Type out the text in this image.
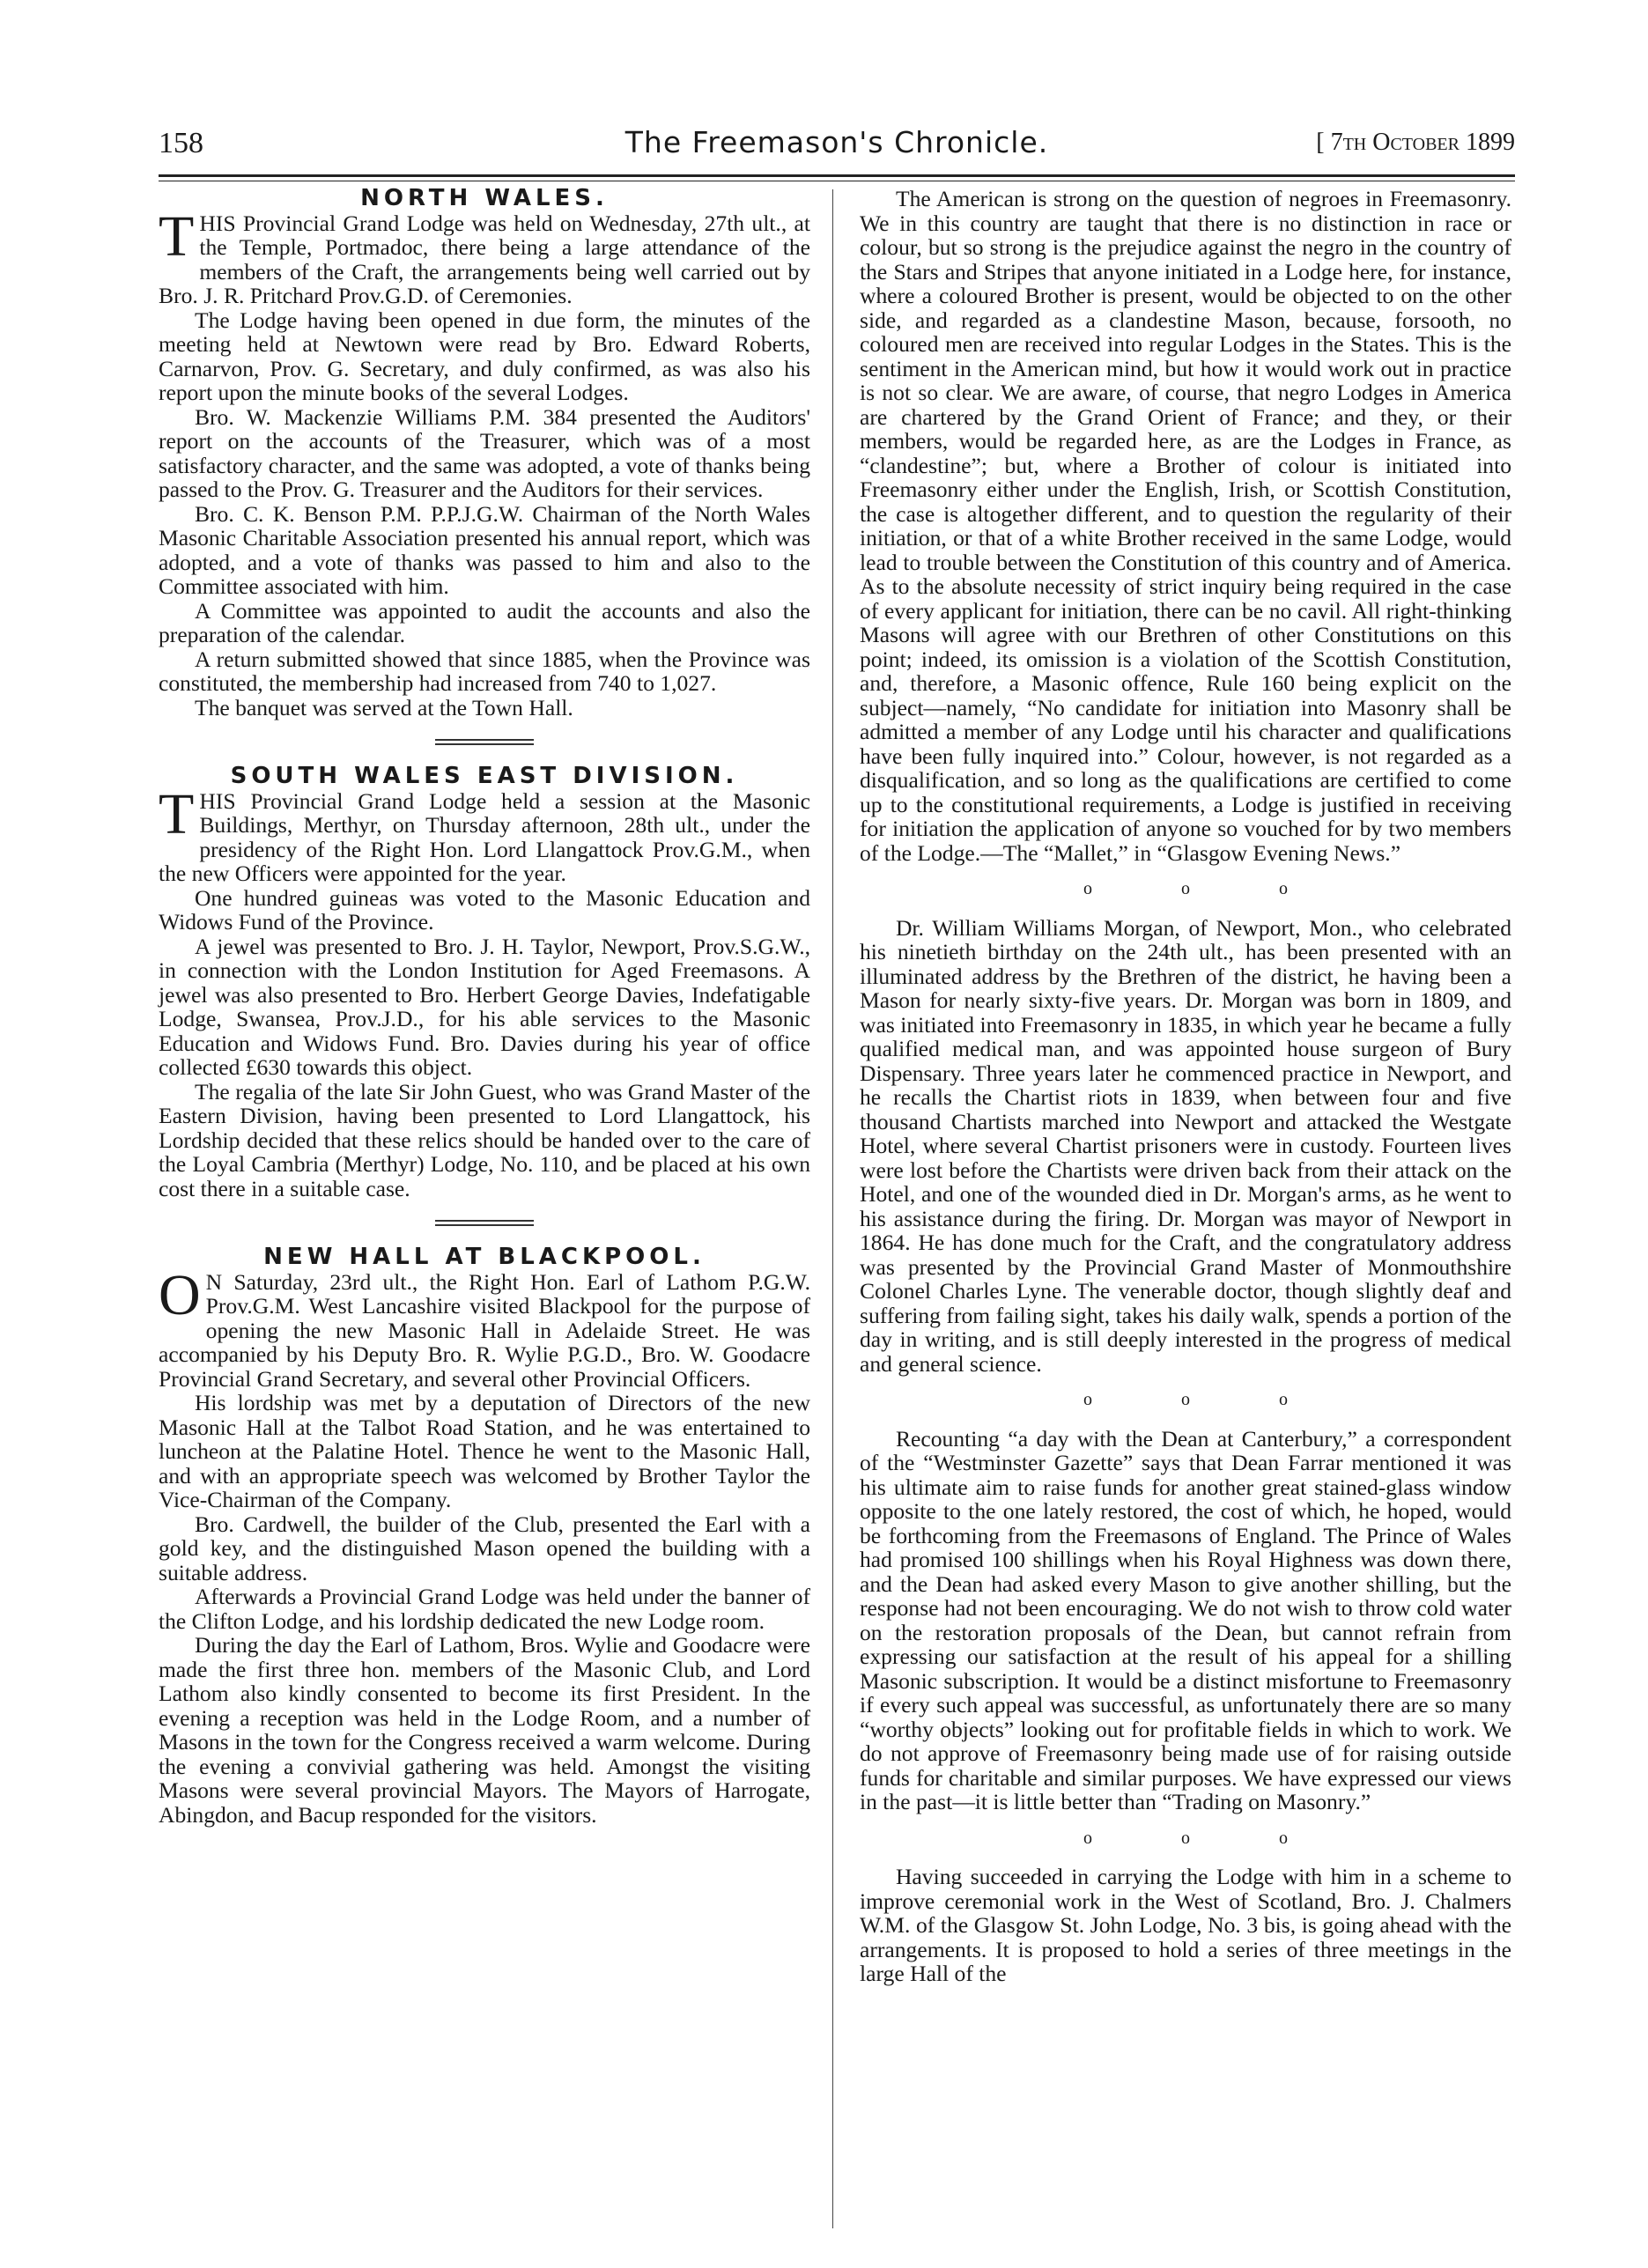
158	The Freemason's Chronicle.	[ 7th October 1899
NORTH WALES.

THIS Provincial Grand Lodge was held on Wednesday, 27th ult., at the Temple, Portmadoc, there being a large attendance of the members of the Craft, the arrangements being well carried out by Bro. J. R. Pritchard Prov.G.D. of Ceremonies.

The Lodge having been opened in due form, the minutes of the meeting held at Newtown were read by Bro. Edward Roberts, Carnarvon, Prov. G. Secretary, and duly confirmed, as was also his report upon the minute books of the several Lodges.

Bro. W. Mackenzie Williams P.M. 384 presented the Auditors' report on the accounts of the Treasurer, which was of a most satisfactory character, and the same was adopted, a vote of thanks being passed to the Prov. G. Treasurer and the Auditors for their services.

Bro. C. K. Benson P.M. P.P.J.G.W. Chairman of the North Wales Masonic Charitable Association presented his annual report, which was adopted, and a vote of thanks was passed to him and also to the Committee associated with him.

A Committee was appointed to audit the accounts and also the preparation of the calendar.

A return submitted showed that since 1885, when the Province was constituted, the membership had increased from 740 to 1,027.

The banquet was served at the Town Hall.

SOUTH WALES EAST DIVISION.

THIS Provincial Grand Lodge held a session at the Masonic Buildings, Merthyr, on Thursday afternoon, 28th ult., under the presidency of the Right Hon. Lord Llangattock Prov.G.M., when the new Officers were appointed for the year.

One hundred guineas was voted to the Masonic Education and Widows Fund of the Province.

A jewel was presented to Bro. J. H. Taylor, Newport, Prov.S.G.W., in connection with the London Institution for Aged Freemasons. A jewel was also presented to Bro. Herbert George Davies, Indefatigable Lodge, Swansea, Prov.J.D., for his able services to the Masonic Education and Widows Fund. Bro. Davies during his year of office collected £630 towards this object.

The regalia of the late Sir John Guest, who was Grand Master of the Eastern Division, having been presented to Lord Llangattock, his Lordship decided that these relics should be handed over to the care of the Loyal Cambria (Merthyr) Lodge, No. 110, and be placed at his own cost there in a suitable case.

NEW HALL AT BLACKPOOL.

O N Saturday, 23rd ult., the Right Hon. Earl of Lathom P.G.W. Prov.G.M. West Lancashire visited Blackpool for the purpose of opening the new Masonic Hall in Adelaide Street. He was accompanied by his Deputy Bro. R. Wylie P.G.D., Bro. W. Goodacre Provincial Grand Secretary, and several other Provincial Officers.

His lordship was met by a deputation of Directors of the new Masonic Hall at the Talbot Road Station, and he was entertained to luncheon at the Palatine Hotel. Thence he went to the Masonic Hall, and with an appropriate speech was welcomed by Brother Taylor the Vice-Chairman of the Company.

Bro. Cardwell, the builder of the Club, presented the Earl with a gold key, and the distinguished Mason opened the building with a suitable address.

Afterwards a Provincial Grand Lodge was held under the banner of the Clifton Lodge, and his lordship dedicated the new Lodge room.

During the day the Earl of Lathom, Bros. Wylie and Goodacre were made the first three hon. members of the Masonic Club, and Lord Lathom also kindly consented to become its first President. In the evening a reception was held in the Lodge Room, and a number of Masons in the town for the Congress received a warm welcome. During the evening a convivial gathering was held. Amongst the visiting Masons were several provincial Mayors. The Mayors of Harrogate, Abingdon, and Bacup responded for the visitors.

The American is strong on the question of negroes in Freemasonry. We in this country are taught that there is no distinction in race or colour, but so strong is the prejudice against the negro in the country of the Stars and Stripes that anyone initiated in a Lodge here, for instance, where a coloured Brother is present, would be objected to on the other side, and regarded as a clandestine Mason, because, forsooth, no coloured men are received into regular Lodges in the States. This is the sentiment in the American mind, but how it would work out in practice is not so clear. We are aware, of course, that negro Lodges in America are chartered by the Grand Orient of France; and they, or their members, would be regarded here, as are the Lodges in France, as “clandestine”; but, where a Brother of colour is initiated into Freemasonry either under the English, Irish, or Scottish Constitution, the case is altogether different, and to question the regularity of their initiation, or that of a white Brother received in the same Lodge, would lead to trouble between the Constitution of this country and of America. As to the absolute necessity of strict inquiry being required in the case of every applicant for initiation, there can be no cavil. All right-thinking Masons will agree with our Brethren of other Constitutions on this point; indeed, its omission is a violation of the Scottish Constitution, and, therefore, a Masonic offence, Rule 160 being explicit on the subject—namely, “No candidate for initiation into Masonry shall be admitted a member of any Lodge until his character and qualifications have been fully inquired into.” Colour, however, is not regarded as a disqualification, and so long as the qualifications are certified to come up to the constitutional requirements, a Lodge is justified in receiving for initiation the application of anyone so vouched for by two members of the Lodge.—The “Mallet,” in “Glasgow Evening News.”

o o o

Dr. William Williams Morgan, of Newport, Mon., who celebrated his ninetieth birthday on the 24th ult., has been presented with an illuminated address by the Brethren of the district, he having been a Mason for nearly sixty-five years. Dr. Morgan was born in 1809, and was initiated into Freemasonry in 1835, in which year he became a fully qualified medical man, and was appointed house surgeon of Bury Dispensary. Three years later he commenced practice in Newport, and he recalls the Chartist riots in 1839, when between four and five thousand Chartists marched into Newport and attacked the Westgate Hotel, where several Chartist prisoners were in custody. Fourteen lives were lost before the Chartists were driven back from their attack on the Hotel, and one of the wounded died in Dr. Morgan's arms, as he went to his assistance during the firing. Dr. Morgan was mayor of Newport in 1864. He has done much for the Craft, and the congratulatory address was presented by the Provincial Grand Master of Monmouthshire Colonel Charles Lyne. The venerable doctor, though slightly deaf and suffering from failing sight, takes his daily walk, spends a portion of the day in writing, and is still deeply interested in the progress of medical and general science.

o o o

Recounting “a day with the Dean at Canterbury,” a correspondent of the “Westminster Gazette” says that Dean Farrar mentioned it was his ultimate aim to raise funds for another great stained-glass window opposite to the one lately restored, the cost of which, he hoped, would be forthcoming from the Freemasons of England. The Prince of Wales had promised 100 shillings when his Royal Highness was down there, and the Dean had asked every Mason to give another shilling, but the response had not been encouraging. We do not wish to throw cold water on the restoration proposals of the Dean, but cannot refrain from expressing our satisfaction at the result of his appeal for a shilling Masonic subscription. It would be a distinct misfortune to Freemasonry if every such appeal was successful, as unfortunately there are so many “worthy objects” looking out for profitable fields in which to work. We do not approve of Freemasonry being made use of for raising outside funds for charitable and similar purposes. We have expressed our views in the past—it is little better than “Trading on Masonry.”

o o o

Having succeeded in carrying the Lodge with him in a scheme to improve ceremonial work in the West of Scotland, Bro. J. Chalmers W.M. of the Glasgow St. John Lodge, No. 3 bis, is going ahead with the arrangements. It is proposed to hold a series of three meetings in the large Hall of the
